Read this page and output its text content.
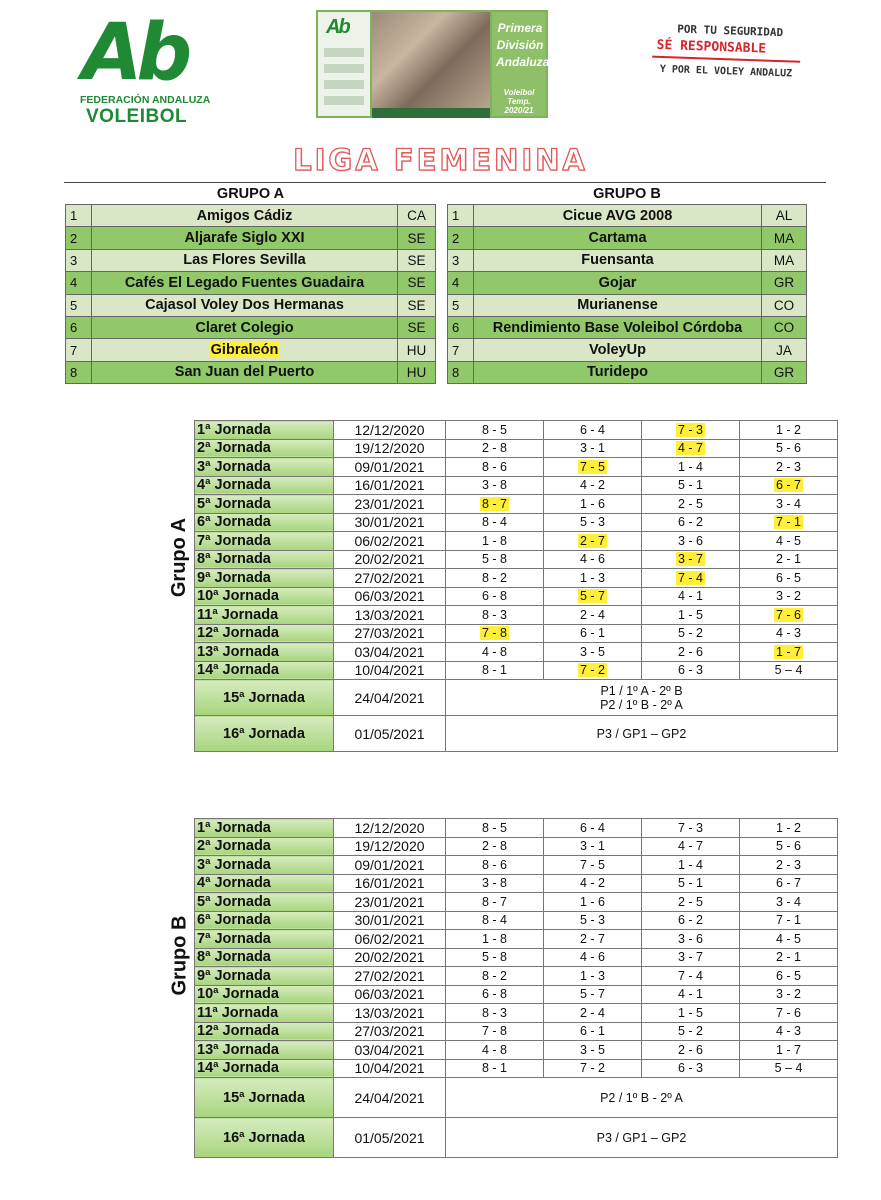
Ab
FEDERACIÓN ANDALUZA
VOLEIBOL
Ab	Primera
División
Andaluza
Voleibol
Temp. 2020/21
POR TU SEGURIDAD
SÉ RESPONSABLE
Y POR EL VOLEY ANDALUZ
LIGA FEMENINA
GRUPO A		
1	Amigos Cádiz	CA
2	Aljarafe Siglo XXI	SE
3	Las Flores Sevilla	SE
4	Cafés El Legado Fuentes Guadaira	SE
5	Cajasol Voley Dos Hermanas	SE
6	Claret Colegio	SE
7	Gibraleón	HU
8	San Juan del Puerto	HU
GRUPO B		
1	Cicue AVG 2008	AL
2	Cartama	MA
3	Fuensanta	MA
4	Gojar	GR
5	Murianense	CO
6	Rendimiento Base Voleibol Córdoba	CO
7	VoleyUp	JA
8	Turidepo	GR
	1ª Jornada	12/12/2020	8 - 5	6 - 4	7 - 3	1 - 2
	2ª Jornada	19/12/2020	2 - 8	3 - 1	4 - 7	5 - 6
	3ª Jornada	09/01/2021	8 - 6	7 - 5	1 - 4	2 - 3
	4ª Jornada	16/01/2021	3 - 8	4 - 2	5 - 1	6 - 7
	5ª Jornada	23/01/2021	8 - 7	1 - 6	2 - 5	3 - 4
	6ª Jornada	30/01/2021	8 - 4	5 - 3	6 - 2	7 - 1
	7ª Jornada	06/02/2021	1 - 8	2 - 7	3 - 6	4 - 5
	8ª Jornada	20/02/2021	5 - 8	4 - 6	3 - 7	2 - 1
	9ª Jornada	27/02/2021	8 - 2	1 - 3	7 - 4	6 - 5
	10ª Jornada	06/03/2021	6 - 8	5 - 7	4 - 1	3 - 2
	11ª Jornada	13/03/2021	8 - 3	2 - 4	1 - 5	7 - 6
	12ª Jornada	27/03/2021	7 - 8	6 - 1	5 - 2	4 - 3
	13ª Jornada	03/04/2021	4 - 8	3 - 5	2 - 6	1 - 7
	14ª Jornada	10/04/2021	8 - 1	7 - 2	6 - 3	5 – 4
	15ª Jornada	24/04/2021	P1 / 1º A - 2º B
P2 / 1º B - 2º A			

	16ª Jornada	01/05/2021	P3 / GP1 – GP2			
Grupo A
	1ª Jornada	12/12/2020	8 - 5	6 - 4	7 - 3	1 - 2
	2ª Jornada	19/12/2020	2 - 8	3 - 1	4 - 7	5 - 6
	3ª Jornada	09/01/2021	8 - 6	7 - 5	1 - 4	2 - 3
	4ª Jornada	16/01/2021	3 - 8	4 - 2	5 - 1	6 - 7
	5ª Jornada	23/01/2021	8 - 7	1 - 6	2 - 5	3 - 4
	6ª Jornada	30/01/2021	8 - 4	5 - 3	6 - 2	7 - 1
	7ª Jornada	06/02/2021	1 - 8	2 - 7	3 - 6	4 - 5
	8ª Jornada	20/02/2021	5 - 8	4 - 6	3 - 7	2 - 1
	9ª Jornada	27/02/2021	8 - 2	1 - 3	7 - 4	6 - 5
	10ª Jornada	06/03/2021	6 - 8	5 - 7	4 - 1	3 - 2
	11ª Jornada	13/03/2021	8 - 3	2 - 4	1 - 5	7 - 6
	12ª Jornada	27/03/2021	7 - 8	6 - 1	5 - 2	4 - 3
	13ª Jornada	03/04/2021	4 - 8	3 - 5	2 - 6	1 - 7
	14ª Jornada	10/04/2021	8 - 1	7 - 2	6 - 3	5 – 4
	15ª Jornada	24/04/2021	P2 / 1º B - 2º A			

	16ª Jornada	01/05/2021	P3 / GP1 – GP2			
Grupo B
